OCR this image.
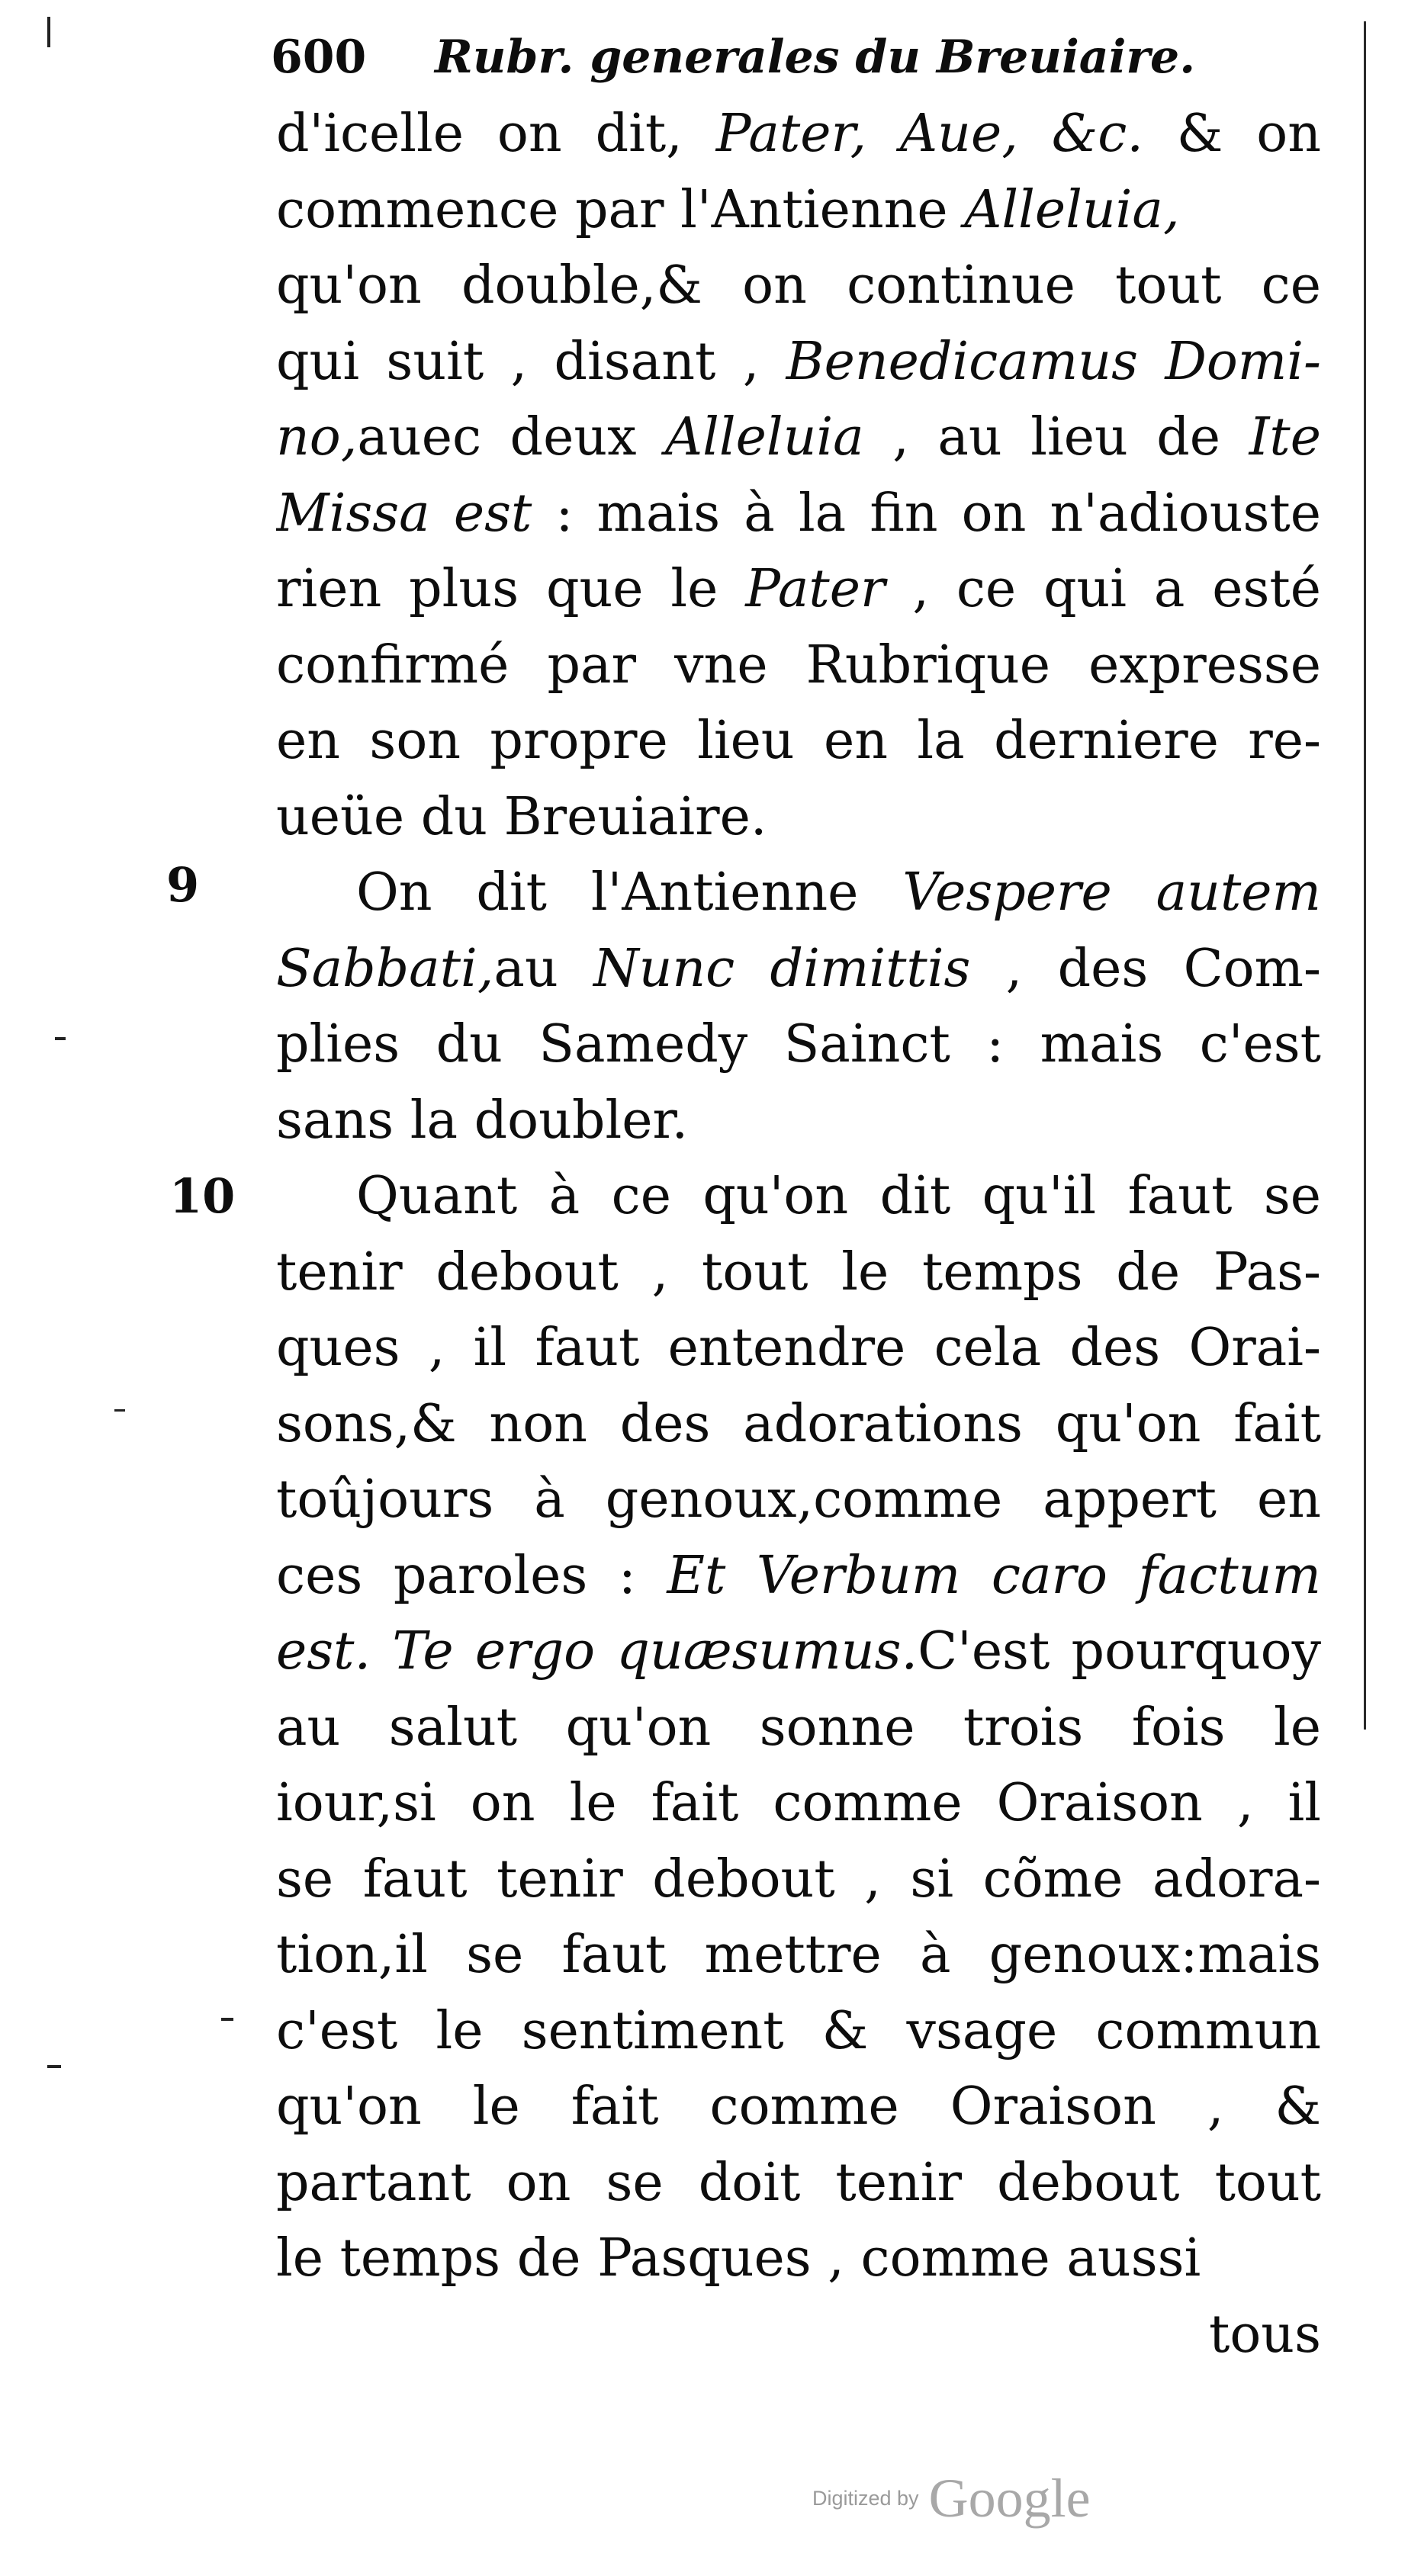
600 Rubr. generales du Breuiaire.
9
10
d'icelle on dit, Pater, Aue, &c. & on
commence par l'Antienne Alleluia,
qu'on double,& on continue tout ce
qui suit , disant , Benedicamus Domi-
no,auec deux Alleluia , au lieu de Ite
Missa est : mais à la fin on n'adiouste
rien plus que le Pater , ce qui a esté
confirmé par vne Rubrique expresse
en son propre lieu en la derniere re-
ueüe du Breuiaire.
On dit l'Antienne Vespere autem
Sabbati,au Nunc dimittis , des Com-
plies du Samedy Sainct : mais c'est
sans la doubler.
Quant à ce qu'on dit qu'il faut se
tenir debout , tout le temps de Pas-
ques , il faut entendre cela des Orai-
sons,& non des adorations qu'on fait
toûjours à genoux,comme appert en
ces paroles : Et Verbum caro factum
est. Te ergo quæsumus.C'est pourquoy
au salut qu'on sonne trois fois le
iour,si on le fait comme Oraison , il
se faut tenir debout , si cõme adora-
tion,il se faut mettre à genoux:mais
c'est le sentiment & vsage commun
qu'on le fait comme Oraison , &
partant on se doit tenir debout tout
le temps de Pasques , comme aussi
tous
Digitized by Google
